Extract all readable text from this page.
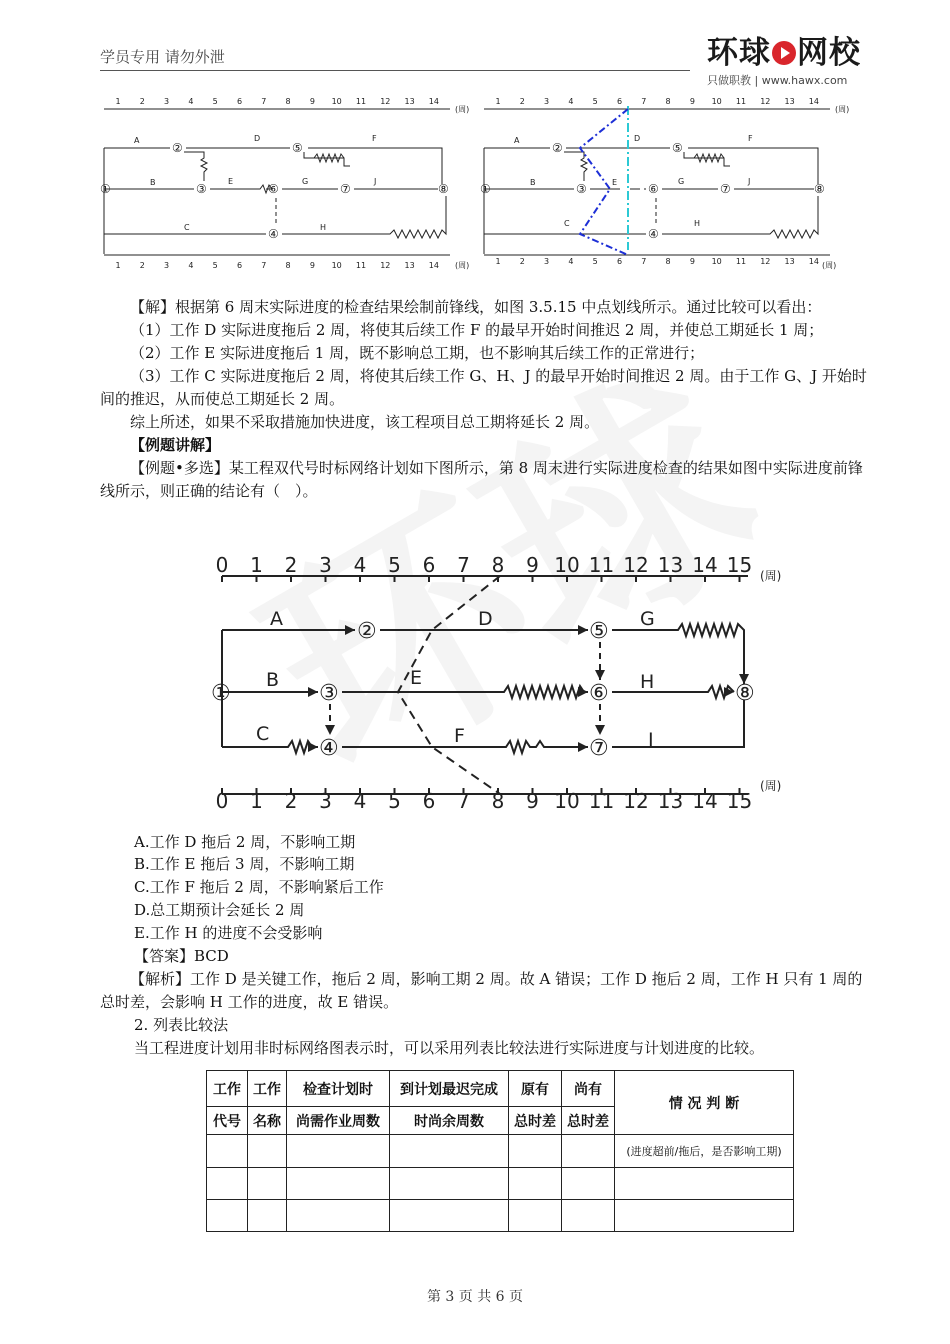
学员专用 请勿外泄	环球 网校
只做职教 | www.hawx.com
1 2 3 4 5 6 7 8 9 10 11 12 13 14
1 2 3 4 5 6 7 8 9 10 11 12 13 14
(周)
(周)
A
B
C
D
E
F
G
H
J
①
②
③
④
⑤
⑥	⑦	⑧
1 2 3 4 5 6 7 8 9 10 11 12 13 14
1 2 3 4 5 6 7 8 9 10 11 12 13 14
(周)
(周)
A
B
C
D
E
F
G
H
J
①
②
③
④
⑤
⑥	⑦	⑧

【解】根据第 6 周末实际进度的检查结果绘制前锋线，如图 3.5.15 中点划线所示。通过比较可以看出：

（1）工作 D 实际进度拖后 2 周，将使其后续工作 F 的最早开始时间推迟 2 周，并使总工期延长 1 周；

（2）工作 E 实际进度拖后 1 周，既不影响总工期，也不影响其后续工作的正常进行；

（3）工作 C 实际进度拖后 2 周，将使其后续工作 G、H、J 的最早开始时间推迟 2 周。由于工作 G、J 开始时间的推迟，从而使总工期延长 2 周。

综上所述，如果不采取措施加快进度，该工程项目总工期将延长 2 周。

【例题讲解】

【例题•多选】某工程双代号时标网络计划如下图所示，第 8 周末进行实际进度检查的结果如图中实际进度前锋线所示，则正确的结论有（　）。

0 1 2 3 4 5 6 7 8 9 10 11 12 13 14 15
0 1 2 3 4 5 6 7 8 9 10 11 12 13 14 15
(周)
(周)
A
B
C
D
E
F
G
H
I
①
②
③
④
⑤
⑥
⑦
⑧
A.工作 D 拖后 2 周，不影响工期
B.工作 E 拖后 3 周，不影响工期
C.工作 F 拖后 2 周，不影响紧后工作
D.总工期预计会延长 2 周
E.工作 H 的进度不会受影响
【答案】BCD

【解析】工作 D 是关键工作，拖后 2 周，影响工期 2 周。故 A 错误；工作 D 拖后 2 周，工作 H 只有 1 周的总时差，会影响 H 工作的进度，故 E 错误。

2. 列表比较法
当工程进度计划用非时标网络图表示时，可以采用列表比较法进行实际进度与计划进度的比较。
工作	工作	检查计划时	到计划最迟完成	原有	尚有	情 况 判 断
代号	名称	尚需作业周数	时尚余周数	总时差	总时差	
						(进度超前/拖后，是否影响工期)

第 3 页 共 6 页
